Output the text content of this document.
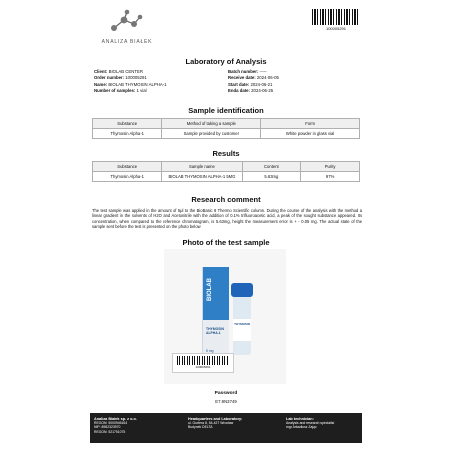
ANALIZA BIAŁEK
100005291
Laboratory of Analysis
Client: BIOLAB CENTER
Order number: 100005291
Name: BIOLAB THYMOSIN ALPHA-1
Number of samples: 1 vial
Batch number: -----
Receive date: 2024-06-05
Start date: 2024-06-21
Enda date: 2024-06-25
Sample identification
Substance	Method of taking a sample	Form
Thymosin Alpha-1	Sample provided by customer	White powder in glass vial
Results
Substance	Sample name	Content	Purity
Thymosin Alpha-1	BIOLAB THYMOSIN ALPHA-1 5MG	5.63mg	97%
Research comment
The test sample was applied in the amount of 5μl to the BioBasic 8 Thermo Scientific column. During the course of the analysis with the method a linear gradient in the solvents of H2O and Acetonitrile with the addition of 0.1% trifluoroacetic acid, a peak of the sought substance appeared. Its concentration, when compared to the reference chromatogram, is 5.63mg, height the measurement error is + - 0.05 mg. The actual state of the sample sent before the test is presented on the photo below
Photo of the test sample
BIOLAB
THYMOSIN ALPHA-1
5 mg
THYMOSIN
100005291
Password
E7.9N3749
Analiza Białek sp. z o.o.
REGON: 5000946164
NIP: 8982323970
REGON: 521751075
Headquarters and Laboratory:
ul. Gurtera 8, 54-427 Wrocław
Budynek DELTA
Lab technician:
Analysis and research specialist
mgr Arkadiusz Zając
